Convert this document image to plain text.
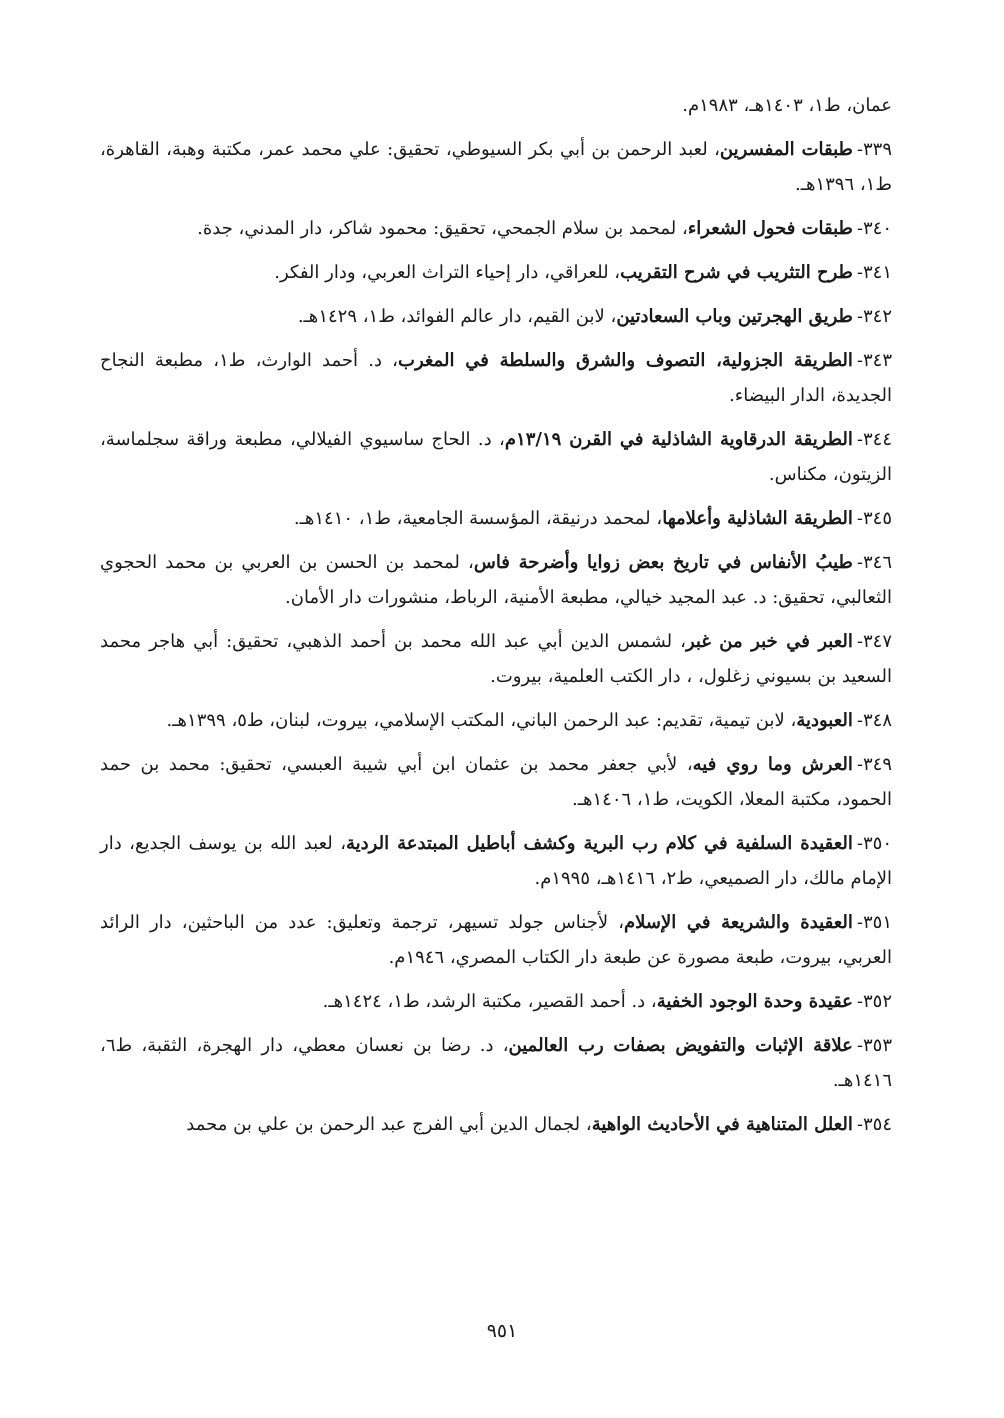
عمان، ط١، ١٤٠٣هـ، ١٩٨٣م.

٣٣٩-طبقات المفسرين، لعبد الرحمن بن أبي بكر السيوطي، تحقيق: علي محمد عمر، مكتبة وهبة، القاهرة، ط١، ١٣٩٦هـ.

٣٤٠-طبقات فحول الشعراء، لمحمد بن سلام الجمحي، تحقيق: محمود شاكر، دار المدني، جدة.

٣٤١-طرح التثريب في شرح التقريب، للعراقي، دار إحياء التراث العربي، ودار الفكر.

٣٤٢-طريق الهجرتين وباب السعادتين، لابن القيم، دار عالم الفوائد، ط١، ١٤٢٩هـ.

٣٤٣-الطريقة الجزولية، التصوف والشرق والسلطة في المغرب، د. أحمد الوارث، ط١، مطبعة النجاح الجديدة، الدار البيضاء.

٣٤٤-الطريقة الدرقاوية الشاذلية في القرن ١٣/١٩م، د. الحاج ساسيوي الفيلالي، مطبعة وراقة سجلماسة، الزيتون، مكناس.

٣٤٥-الطريقة الشاذلية وأعلامها، لمحمد درنيقة، المؤسسة الجامعية، ط١، ١٤١٠هـ.

٣٤٦-طيبُ الأنفاس في تاريخ بعض زوايا وأضرحة فاس، لمحمد بن الحسن بن العربي بن محمد الحجوي الثعالبي، تحقيق: د. عبد المجيد خيالي، مطبعة الأمنية، الرباط، منشورات دار الأمان.

٣٤٧-العبر في خبر من غبر، لشمس الدين أبي عبد الله محمد بن أحمد الذهبي، تحقيق: أبي هاجر محمد السعيد بن بسيوني زغلول، ، دار الكتب العلمية، بيروت.

٣٤٨-العبودية، لابن تيمية، تقديم: عبد الرحمن الباني، المكتب الإسلامي، بيروت، لبنان، ط٥، ١٣٩٩هـ.

٣٤٩-العرش وما روي فيه، لأبي جعفر محمد بن عثمان ابن أبي شيبة العبسي، تحقيق: محمد بن حمد الحمود، مكتبة المعلا، الكويت، ط١، ١٤٠٦هـ.

٣٥٠-العقيدة السلفية في كلام رب البرية وكشف أباطيل المبتدعة الردية، لعبد الله بن يوسف الجديع، دار الإمام مالك، دار الصميعي، ط٢، ١٤١٦هـ، ١٩٩٥م.

٣٥١-العقيدة والشريعة في الإسلام، لأجناس جولد تسيهر، ترجمة وتعليق: عدد من الباحثين، دار الرائد العربي، بيروت، طبعة مصورة عن طبعة دار الكتاب المصري، ١٩٤٦م.

٣٥٢-عقيدة وحدة الوجود الخفية، د. أحمد القصير، مكتبة الرشد، ط١، ١٤٢٤هـ.

٣٥٣-علاقة الإثبات والتفويض بصفات رب العالمين، د. رضا بن نعسان معطي، دار الهجرة، الثقبة، ط٦، ١٤١٦هـ.

٣٥٤-العلل المتناهية في الأحاديث الواهية، لجمال الدين أبي الفرج عبد الرحمن بن علي بن محمد

٩٥١
